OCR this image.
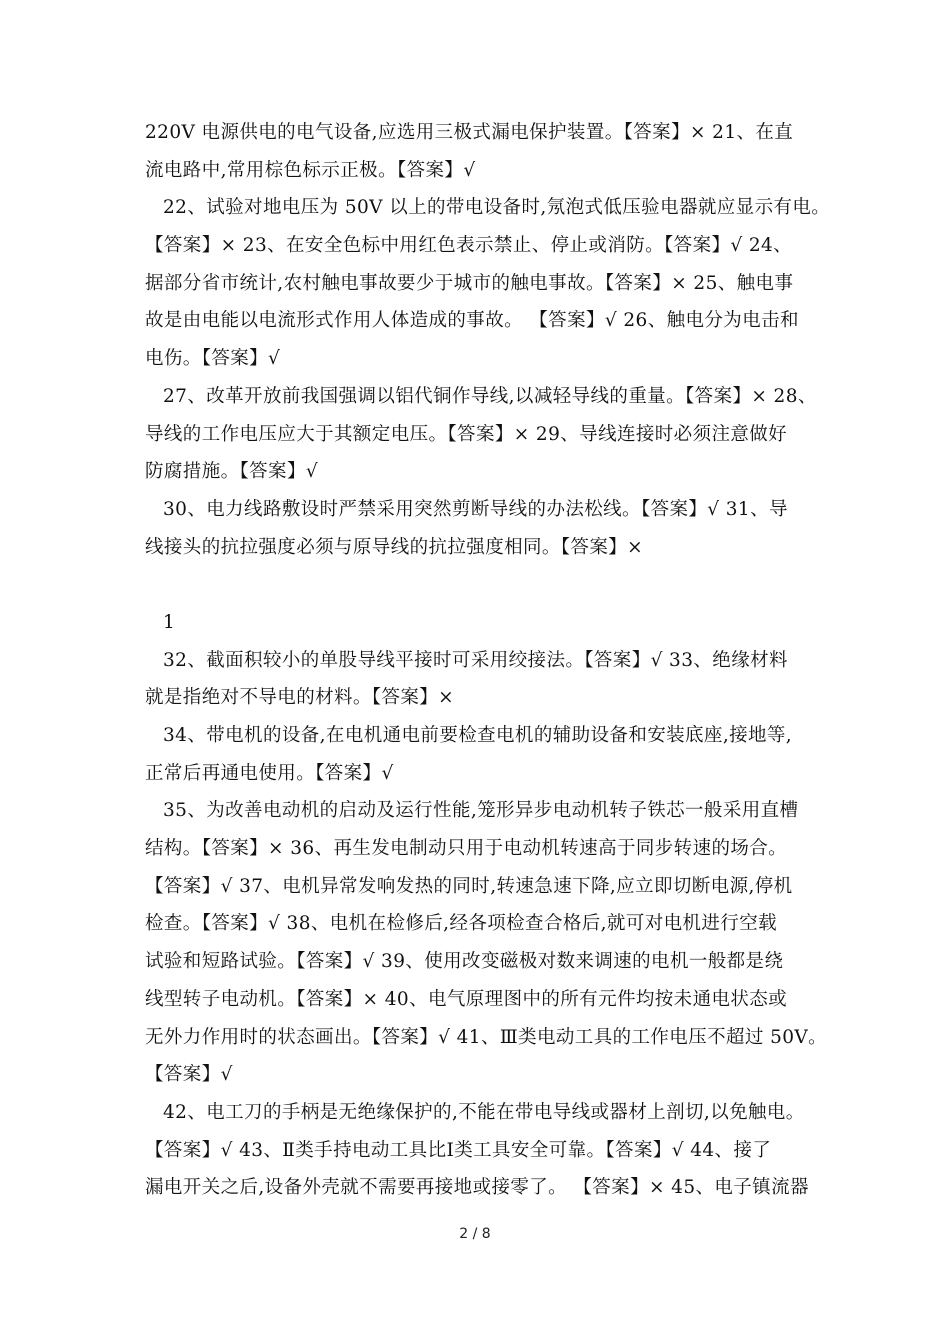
220V 电源供电的电气设备,应选用三极式漏电保护装置。【答案】× 21、在直
流电路中,常用棕色标示正极。【答案】√
22、试验对地电压为 50V 以上的带电设备时,氖泡式低压验电器就应显示有电。
【答案】× 23、在安全色标中用红色表示禁止、停止或消防。【答案】√ 24、
据部分省市统计,农村触电事故要少于城市的触电事故。【答案】× 25、触电事
故是由电能以电流形式作用人体造成的事故。 【答案】√ 26、触电分为电击和
电伤。【答案】√
27、改革开放前我国强调以铝代铜作导线,以减轻导线的重量。【答案】× 28、
导线的工作电压应大于其额定电压。【答案】× 29、导线连接时必须注意做好
防腐措施。【答案】√
30、电力线路敷设时严禁采用突然剪断导线的办法松线。【答案】√ 31、导
线接头的抗拉强度必须与原导线的抗拉强度相同。【答案】×
1
32、截面积较小的单股导线平接时可采用绞接法。【答案】√ 33、绝缘材料
就是指绝对不导电的材料。【答案】×
34、带电机的设备,在电机通电前要检查电机的辅助设备和安装底座,接地等,
正常后再通电使用。【答案】√
35、为改善电动机的启动及运行性能,笼形异步电动机转子铁芯一般采用直槽
结构。【答案】× 36、再生发电制动只用于电动机转速高于同步转速的场合。
【答案】√ 37、电机异常发响发热的同时,转速急速下降,应立即切断电源,停机
检查。【答案】√ 38、电机在检修后,经各项检查合格后,就可对电机进行空载
试验和短路试验。【答案】√ 39、使用改变磁极对数来调速的电机一般都是绕
线型转子电动机。【答案】× 40、电气原理图中的所有元件均按未通电状态或
无外力作用时的状态画出。【答案】√ 41、Ⅲ类电动工具的工作电压不超过 50V。
【答案】√
42、电工刀的手柄是无绝缘保护的,不能在带电导线或器材上剖切,以免触电。
【答案】√ 43、Ⅱ类手持电动工具比Ⅰ类工具安全可靠。【答案】√ 44、接了
漏电开关之后,设备外壳就不需要再接地或接零了。 【答案】× 45、电子镇流器
2 / 8
